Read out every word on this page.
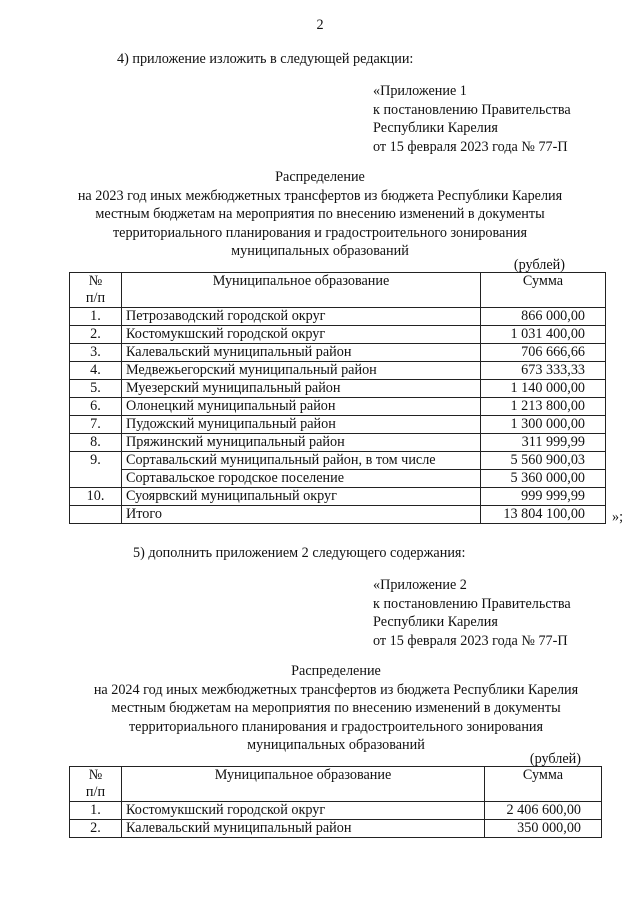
2
4) приложение изложить в следующей редакции:
«Приложение 1
к постановлению Правительства
Республики Карелия
от 15 февраля 2023 года № 77-П
Распределение
на 2023 год иных межбюджетных трансфертов из бюджета Республики Карелия
местным бюджетам на мероприятия по внесению изменений в документы
территориального планирования и градостроительного зонирования
муниципальных образований
(рублей)
№
п/п	Муниципальное образование	Сумма
1.	Петрозаводский городской округ	866 000,00
2.	Костомукшский городской округ	1 031 400,00
3.	Калевальский муниципальный район	706 666,66
4.	Медвежьегорский муниципальный район	673 333,33
5.	Муезерский муниципальный район	1 140 000,00
6.	Олонецкий муниципальный район	1 213 800,00
7.	Пудожский муниципальный район	1 300 000,00
8.	Пряжинский муниципальный район	311 999,99
9.	Сортавальский муниципальный район, в том числе	5 560 900,03
	Сортавальское городское поселение	5 360 000,00
10.	Суоярвский муниципальный округ	999 999,99
	Итого	13 804 100,00 »;
5) дополнить приложением 2 следующего содержания:
«Приложение 2
к постановлению Правительства
Республики Карелия
от 15 февраля 2023 года № 77-П
Распределение
на 2024 год иных межбюджетных трансфертов из бюджета Республики Карелия
местным бюджетам на мероприятия по внесению изменений в документы
территориального планирования и градостроительного зонирования
муниципальных образований
(рублей)
№
п/п	Муниципальное образование	Сумма
1.	Костомукшский городской округ	2 406 600,00
2.	Калевальский муниципальный район	350 000,00
